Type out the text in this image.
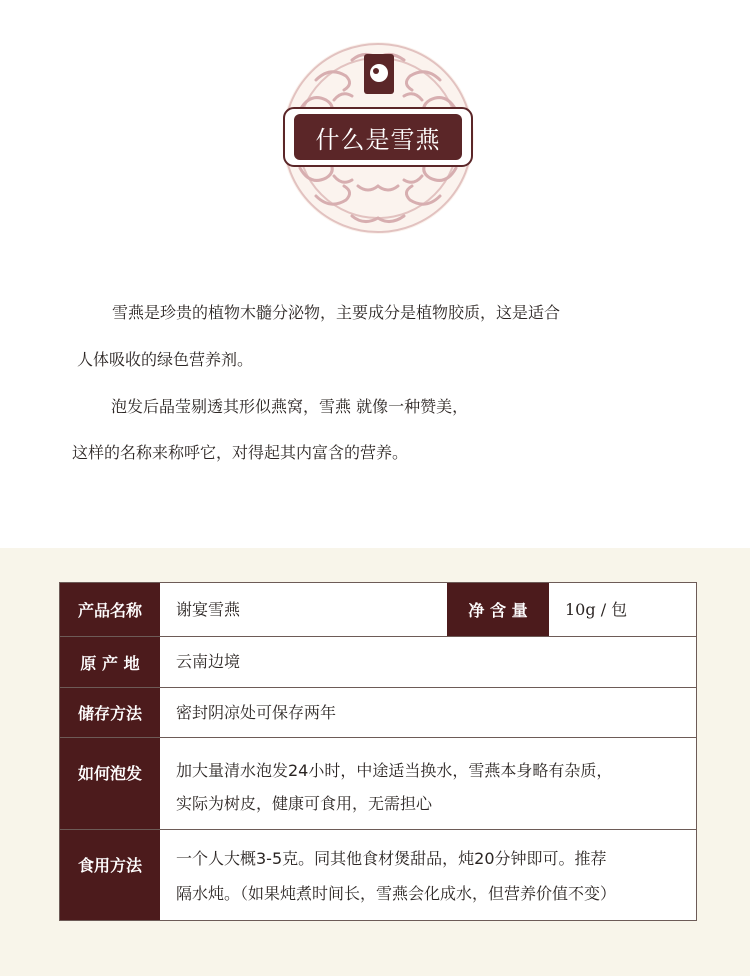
什么是雪燕
雪燕是珍贵的植物木髓分泌物，主要成分是植物胶质，这是适合
人体吸收的绿色营养剂。
泡发后晶莹剔透其形似燕窝，雪燕 就像一种赞美，
这样的名称来称呼它，对得起其内富含的营养。
产品名称	谢宴雪燕	净 含 量	10g / 包
原 产 地	云南边境
储存方法	密封阴凉处可保存两年
如何泡发	加大量清水泡发24小时，中途适当换水，雪燕本身略有杂质，
实际为树皮，健康可食用，无需担心
食用方法	一个人大概3-5克。同其他食材煲甜品，炖20分钟即可。推荐
隔水炖。（如果炖煮时间长，雪燕会化成水，但营养价值不变）
